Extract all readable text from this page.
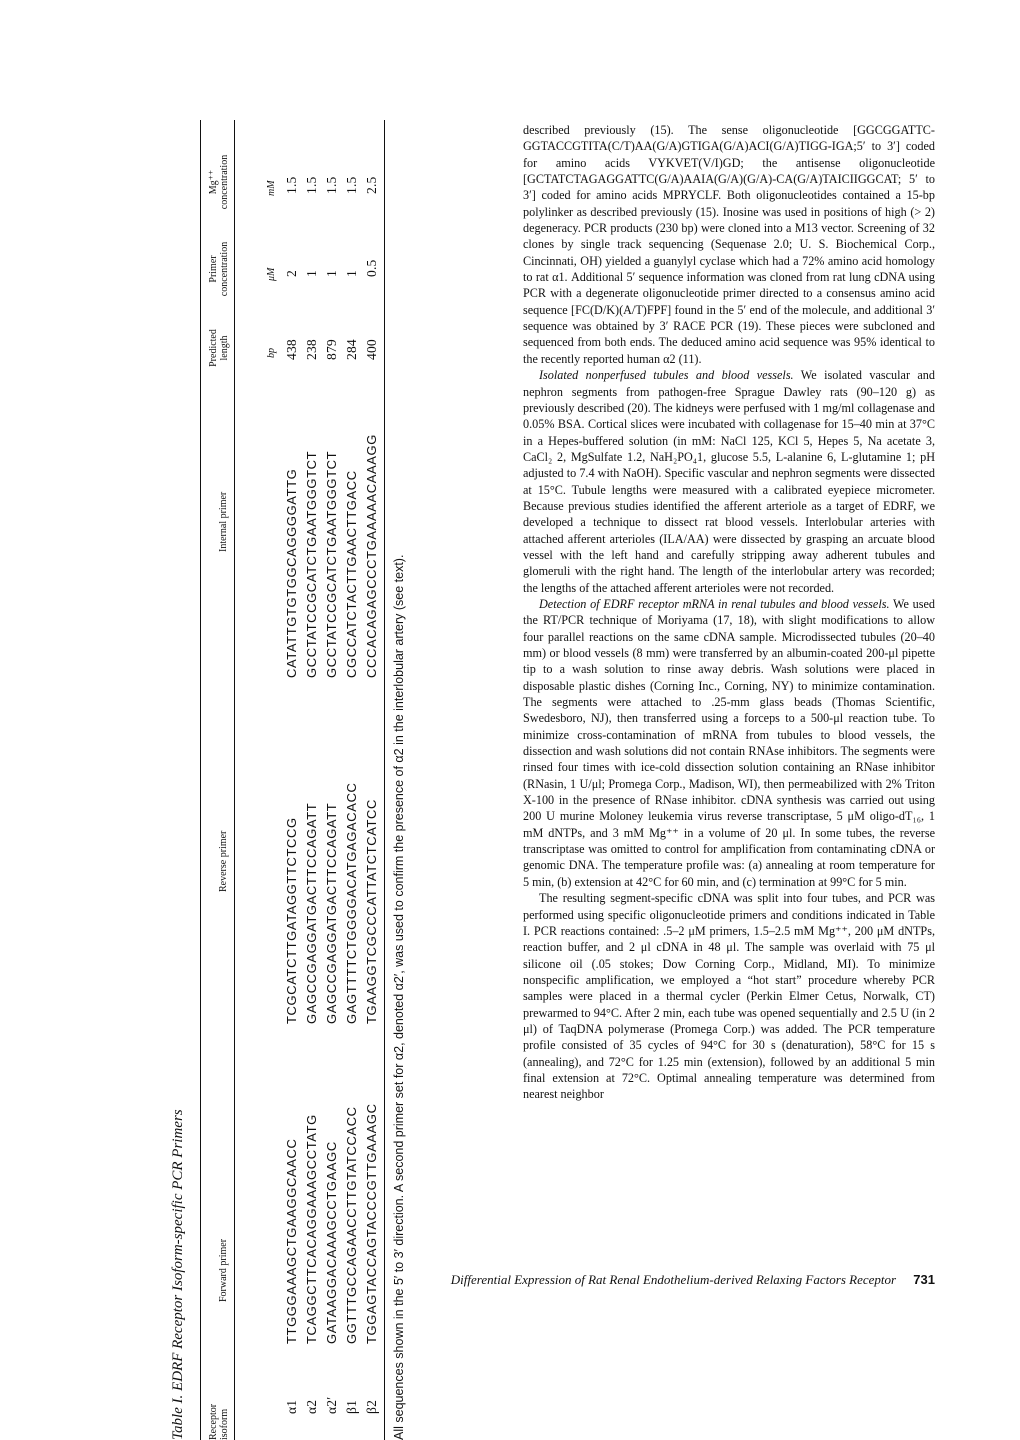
Table I. EDRF Receptor Isoform-specific PCR Primers Receptor isoform
Forward primer
Reverse primer
Internal primer
Predicted length
Primer concentration
Mg⁺⁺ concentration
bp
μM
mM
α1
TTGGGAAAGCTGAAGGCAACC
TCGCATCTTGATAGGTTCTCCG
CATATTGTGTGGCAGGGGATTG
438
2
1.5
α2
TCAGGCTTCACAGGAAAGCCTATG
GAGCCGAGGATGACTTCCAGATT
GCCTATCCGCATCTGAATGGGTCT
238
1
1.5
α2′
GATAAGGACAAAGCCTGAAGC
GAGCCGAGGATGACTTCCAGATT
GCCTATCCGCATCTGAATGGGTCT
879
1
1.5
β1
GGTTTGCCAGAACCTTGTATCCACC
GAGTTTTCTGGGGACATGAGACACC
CGCCATCTACTTGAACTTGACC
284
1
1.5
β2
TGGAGTACCAGTACCCGTTGAAAGC
TGAAGGTCGCCCATTATCTCATCC
CCCACAGAGCCCTGAAAAACAAAGG
400
0.5
2.5
All sequences shown in the 5′ to 3′ direction. A second primer set for α2, denoted α2′, was used to confirm the presence of α2 in the interlobular artery (see text).

described previously (15). The sense oligonucleotide [GGCGGATTC-GGTACCGTITA(C/T)AA(G/A)GTIGA(G/A)ACI(G/A)TIGG-IGA;5′ to 3′] coded for amino acids VYKVET(V/I)GD; the antisense oligonucleotide [GCTATCTAGAGGATTC(G/A)AAIA(G/A)(G/A)-CA(G/A)TAICIIGGCAT; 5′ to 3′] coded for amino acids MPRYCLF. Both oligonucleotides contained a 15-bp polylinker as described previously (15). Inosine was used in positions of high (> 2) degeneracy. PCR products (230 bp) were cloned into a M13 vector. Screening of 32 clones by single track sequencing (Sequenase 2.0; U. S. Biochemical Corp., Cincinnati, OH) yielded a guanylyl cyclase which had a 72% amino acid homology to rat α1. Additional 5′ sequence information was cloned from rat lung cDNA using PCR with a degenerate oligonucleotide primer directed to a consensus amino acid sequence [FC(D/K)(A/T)FPF] found in the 5′ end of the molecule, and additional 3′ sequence was obtained by 3′ RACE PCR (19). These pieces were subcloned and sequenced from both ends. The deduced amino acid sequence was 95% identical to the recently reported human α2 (11).

Isolated nonperfused tubules and blood vessels. We isolated vascular and nephron segments from pathogen-free Sprague Dawley rats (90–120 g) as previously described (20). The kidneys were perfused with 1 mg/ml collagenase and 0.05% BSA. Cortical slices were incubated with collagenase for 15–40 min at 37°C in a Hepes-buffered solution (in mM: NaCl 125, KCl 5, Hepes 5, Na acetate 3, CaCl₂ 2, MgSulfate 1.2, NaH₂PO₄1, glucose 5.5, L-alanine 6, L-glutamine 1; pH adjusted to 7.4 with NaOH). Specific vascular and nephron segments were dissected at 15°C. Tubule lengths were measured with a calibrated eyepiece micrometer. Because previous studies identified the afferent arteriole as a target of EDRF, we developed a technique to dissect rat blood vessels. Interlobular arteries with attached afferent arterioles (ILA/AA) were dissected by grasping an arcuate blood vessel with the left hand and carefully stripping away adherent tubules and glomeruli with the right hand. The length of the interlobular artery was recorded; the lengths of the attached afferent arterioles were not recorded.

Detection of EDRF receptor mRNA in renal tubules and blood vessels. We used the RT/PCR technique of Moriyama (17, 18), with slight modifications to allow four parallel reactions on the same cDNA sample. Microdissected tubules (20–40 mm) or blood vessels (8 mm) were transferred by an albumin-coated 200-μl pipette tip to a wash solution to rinse away debris. Wash solutions were placed in disposable plastic dishes (Corning Inc., Corning, NY) to minimize contamination. The segments were attached to .25-mm glass beads (Thomas Scientific, Swedesboro, NJ), then transferred using a forceps to a 500-μl reaction tube. To minimize cross-contamination of mRNA from tubules to blood vessels, the dissection and wash solutions did not contain RNAse inhibitors. The segments were rinsed four times with ice-cold dissection solution containing an RNase inhibitor (RNasin, 1 U/μl; Promega Corp., Madison, WI), then permeabilized with 2% Triton X-100 in the presence of RNase inhibitor. cDNA synthesis was carried out using 200 U murine Moloney leukemia virus reverse transcriptase, 5 μM oligo-dT₁₆, 1 mM dNTPs, and 3 mM Mg⁺⁺ in a volume of 20 μl. In some tubes, the reverse transcriptase was omitted to control for amplification from contaminating cDNA or genomic DNA. The temperature profile was: (a) annealing at room temperature for 5 min, (b) extension at 42°C for 60 min, and (c) termination at 99°C for 5 min.

The resulting segment-specific cDNA was split into four tubes, and PCR was performed using specific oligonucleotide primers and conditions indicated in Table I. PCR reactions contained: .5–2 μM primers, 1.5–2.5 mM Mg⁺⁺, 200 μM dNTPs, reaction buffer, and 2 μl cDNA in 48 μl. The sample was overlaid with 75 μl silicone oil (.05 stokes; Dow Corning Corp., Midland, MI). To minimize nonspecific amplification, we employed a “hot start” procedure whereby PCR samples were placed in a thermal cycler (Perkin Elmer Cetus, Norwalk, CT) prewarmed to 94°C. After 2 min, each tube was opened sequentially and 2.5 U (in 2 μl) of TaqDNA polymerase (Promega Corp.) was added. The PCR temperature profile consisted of 35 cycles of 94°C for 30 s (denaturation), 58°C for 15 s (annealing), and 72°C for 1.25 min (extension), followed by an additional 5 min final extension at 72°C. Optimal annealing temperature was determined from nearest neighbor

Differential Expression of Rat Renal Endothelium-derived Relaxing Factors Receptor 731
